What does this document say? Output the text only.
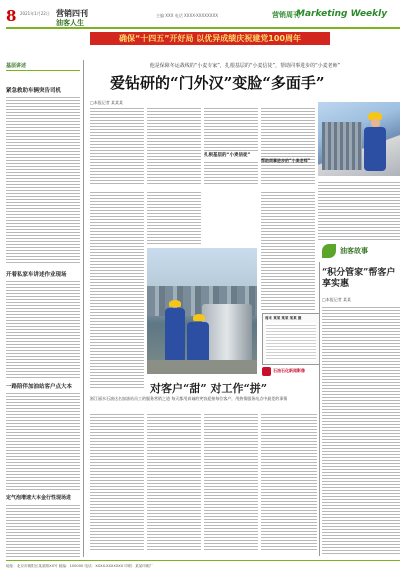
8 2021年1月22日 营销四刊
油客人生
主编 XXX 电话 XXXX-XXXXXXXX	Marketing Weekly
营销周刊
确保“十四五”开好局 以优异成绩庆祝建党100周年
基层讲述
紧急救助车辆突告司机
开着私家车讲述作业现场
一路陪伴加油站客户点大本
定气泡增速大本金行性现场进
他是保障冬运战线的“小麦专家”，扎根基层的“小麦信徒”，帮助同事进步的“小麦老师”
爱钻研的“门外汉”变脸“多面手”
□本报记者 某某某
扎根基层的“小麦信徒”
帮助同事进步的“小麦老师”
油客故事
周末 某某 某某 某某 摄
石油石化新闻影像
“积分管家”帮客户享实惠
□本报记者 某某
对客户“甜” 对工作“拼”
浙江丽水石油这名加油站员工的服务营销之道 每天都用真诚的笑容迎接每位客户，用热情服务站点中最差的事情
地址：北京市朝阳区某某路XX号 邮编：100000 电话：XXXX-XXXXXXX 印刷：某某印刷厂
